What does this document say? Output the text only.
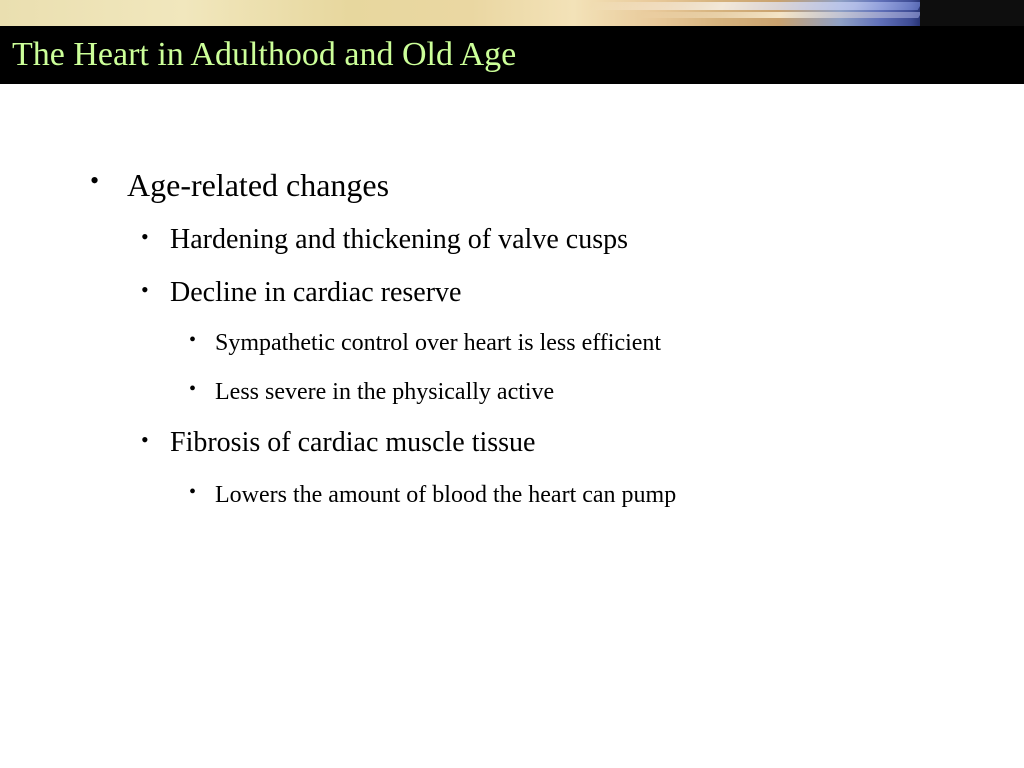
The Heart in Adulthood and Old Age
• Age-related changes
• Hardening and thickening of valve cusps
• Decline in cardiac reserve
• Sympathetic control over heart is less efficient
• Less severe in the physically active
• Fibrosis of cardiac muscle tissue
• Lowers the amount of blood the heart can pump
